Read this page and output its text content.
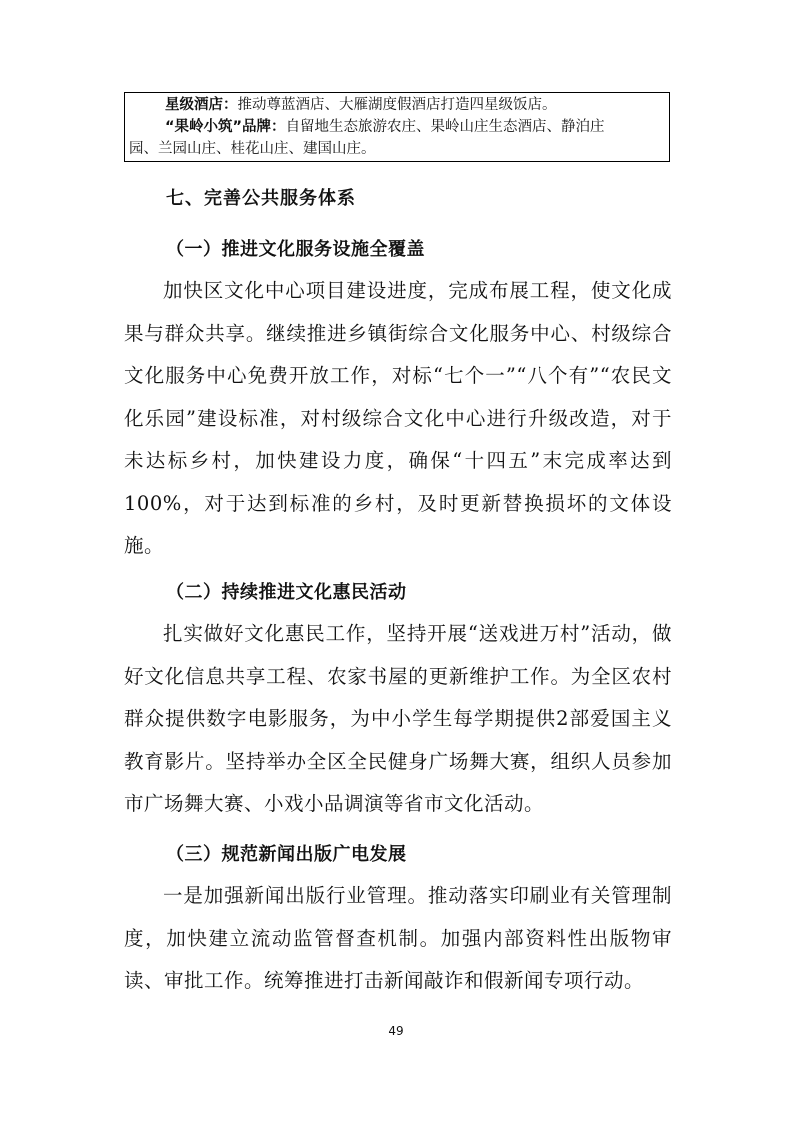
星级酒店：推动尊蓝酒店、大雁湖度假酒店打造四星级饭店。
“果岭小筑”品牌：自留地生态旅游农庄、果岭山庄生态酒店、静泊庄
园、兰园山庄、桂花山庄、建国山庄。
七、完善公共服务体系
（一）推进文化服务设施全覆盖
加快区文化中心项目建设进度，完成布展工程，使文化成果与群众共享。继续推进乡镇街综合文化服务中心、村级综合文化服务中心免费开放工作，对标“七个一”“八个有”“农民文化乐园”建设标准，对村级综合文化中心进行升级改造，对于未达标乡村，加快建设力度，确保“十四五”末完成率达到100%，对于达到标准的乡村，及时更新替换损坏的文体设施。
（二）持续推进文化惠民活动
扎实做好文化惠民工作，坚持开展“送戏进万村”活动，做好文化信息共享工程、农家书屋的更新维护工作。为全区农村群众提供数字电影服务，为中小学生每学期提供2部爱国主义教育影片。坚持举办全区全民健身广场舞大赛，组织人员参加市广场舞大赛、小戏小品调演等省市文化活动。
（三）规范新闻出版广电发展
一是加强新闻出版行业管理。推动落实印刷业有关管理制度，加快建立流动监管督查机制。加强内部资料性出版物审读、审批工作。统筹推进打击新闻敲诈和假新闻专项行动。
49
